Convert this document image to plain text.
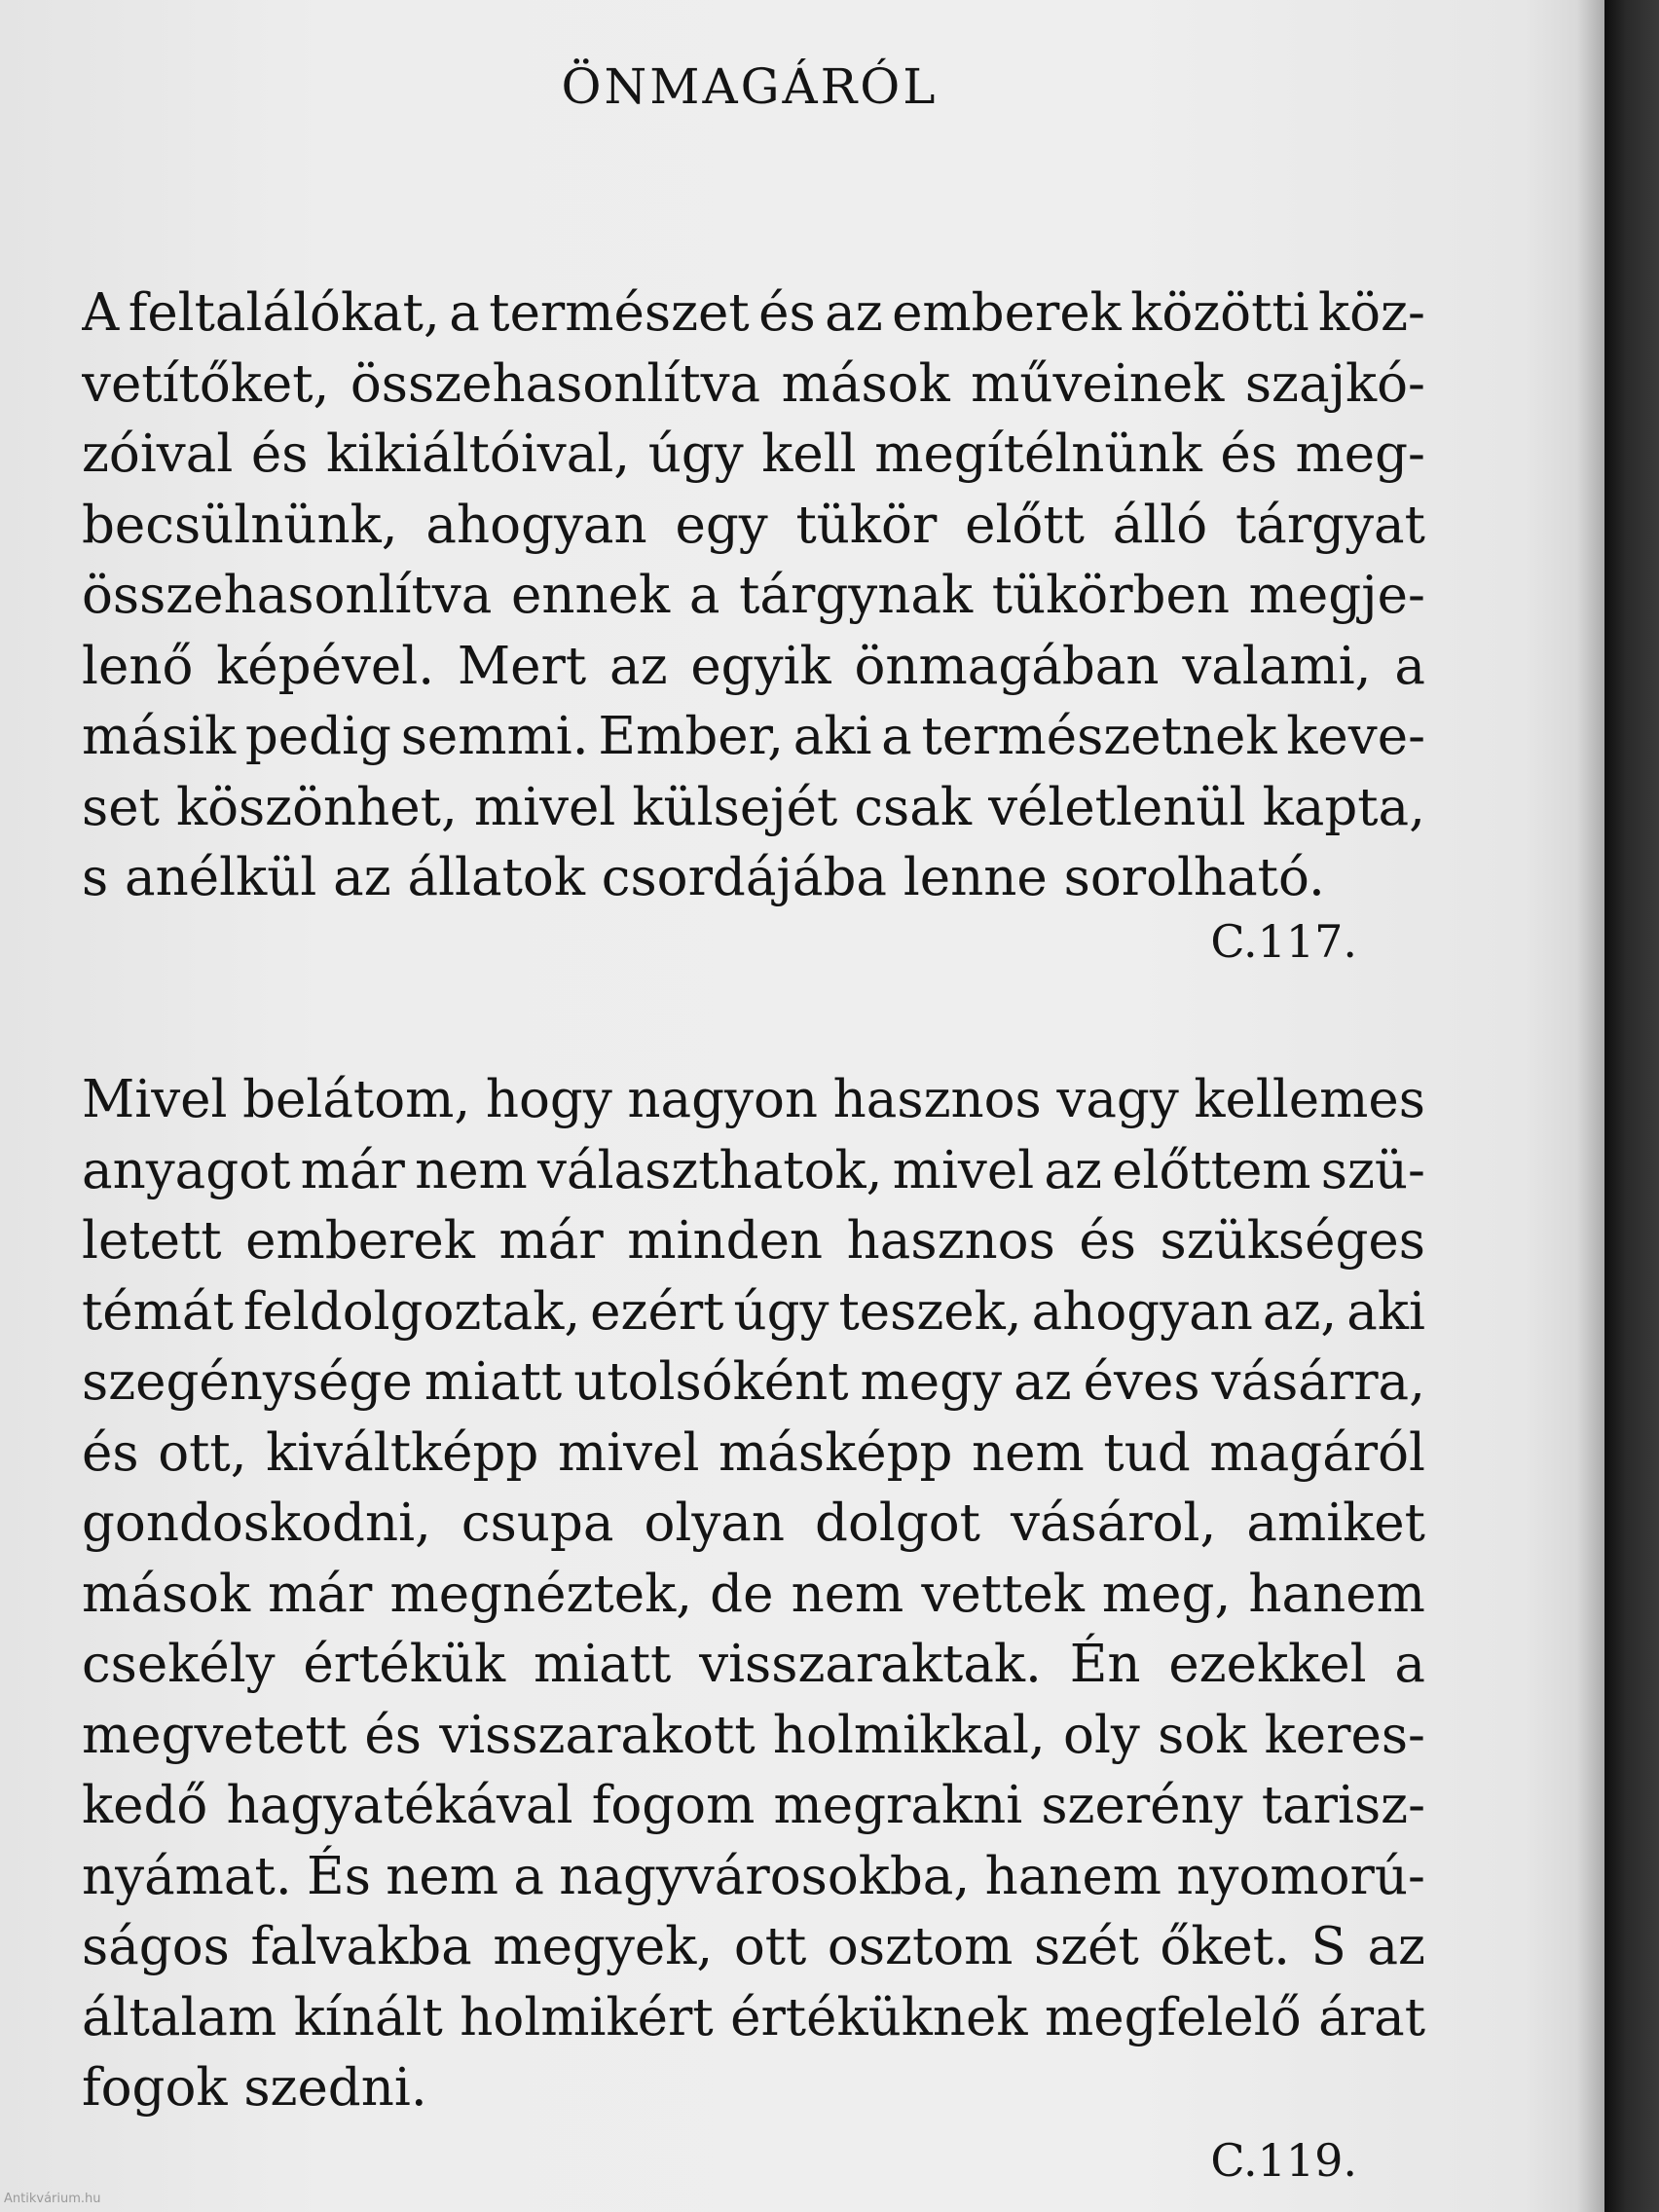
ÖNMAGÁRÓL
A feltalálókat, a természet és az emberek közötti köz-
vetítőket, összehasonlítva mások műveinek szajkó-
zóival és kikiáltóival, úgy kell megítélnünk és meg-
becsülnünk, ahogyan egy tükör előtt álló tárgyat
összehasonlítva ennek a tárgynak tükörben megje-
lenő képével. Mert az egyik önmagában valami, a
másik pedig semmi. Ember, aki a természetnek keve-
set köszönhet, mivel külsejét csak véletlenül kapta,
s anélkül az állatok csordájába lenne sorolható.
C.117.
Mivel belátom, hogy nagyon hasznos vagy kellemes
anyagot már nem választhatok, mivel az előttem szü-
letett emberek már minden hasznos és szükséges
témát feldolgoztak, ezért úgy teszek, ahogyan az, aki
szegénysége miatt utolsóként megy az éves vásárra,
és ott, kiváltképp mivel másképp nem tud magáról
gondoskodni, csupa olyan dolgot vásárol, amiket
mások már megnéztek, de nem vettek meg, hanem
csekély értékük miatt visszaraktak. Én ezekkel a
megvetett és visszarakott holmikkal, oly sok keres-
kedő hagyatékával fogom megrakni szerény tarisz-
nyámat. És nem a nagyvárosokba, hanem nyomorú-
ságos falvakba megyek, ott osztom szét őket. S az
általam kínált holmikért értéküknek megfelelő árat
fogok szedni.
C.119.
Antikvárium.hu
